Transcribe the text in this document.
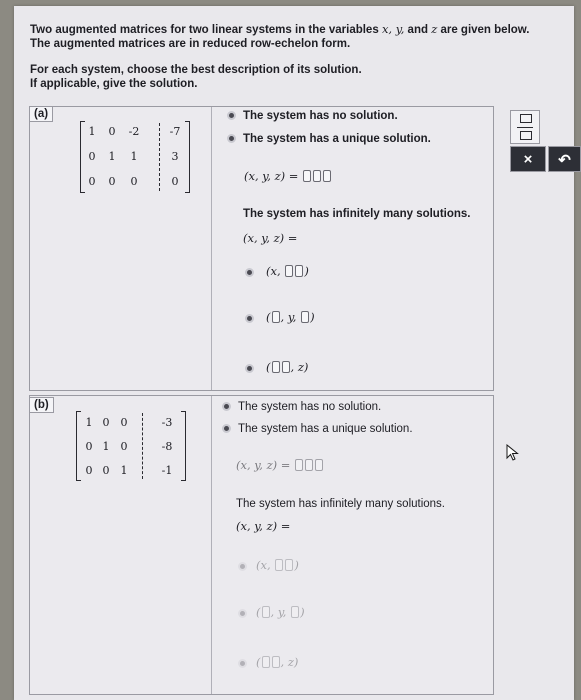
Two augmented matrices for two linear systems in the variables x, y, and z are given below.
The augmented matrices are in reduced row-echelon form.
For each system, choose the best description of its solution.
If applicable, give the solution.
(a)
1	0	-2	-7
0	1	1	3
0	0	0	0
The system has no solution.
The system has a unique solution.
(x, y, z) =
The system has infinitely many solutions.
(x, y, z) =
(x, )
( , y, )
( , z)
(b)
1 0	0	-3
0 1	0	-8
0 0	1	-1
The system has no solution.
The system has a unique solution.
(x, y, z) =
The system has infinitely many solutions.
(x, y, z) =
(x, )
( , y, )
( , z)
×	↶
